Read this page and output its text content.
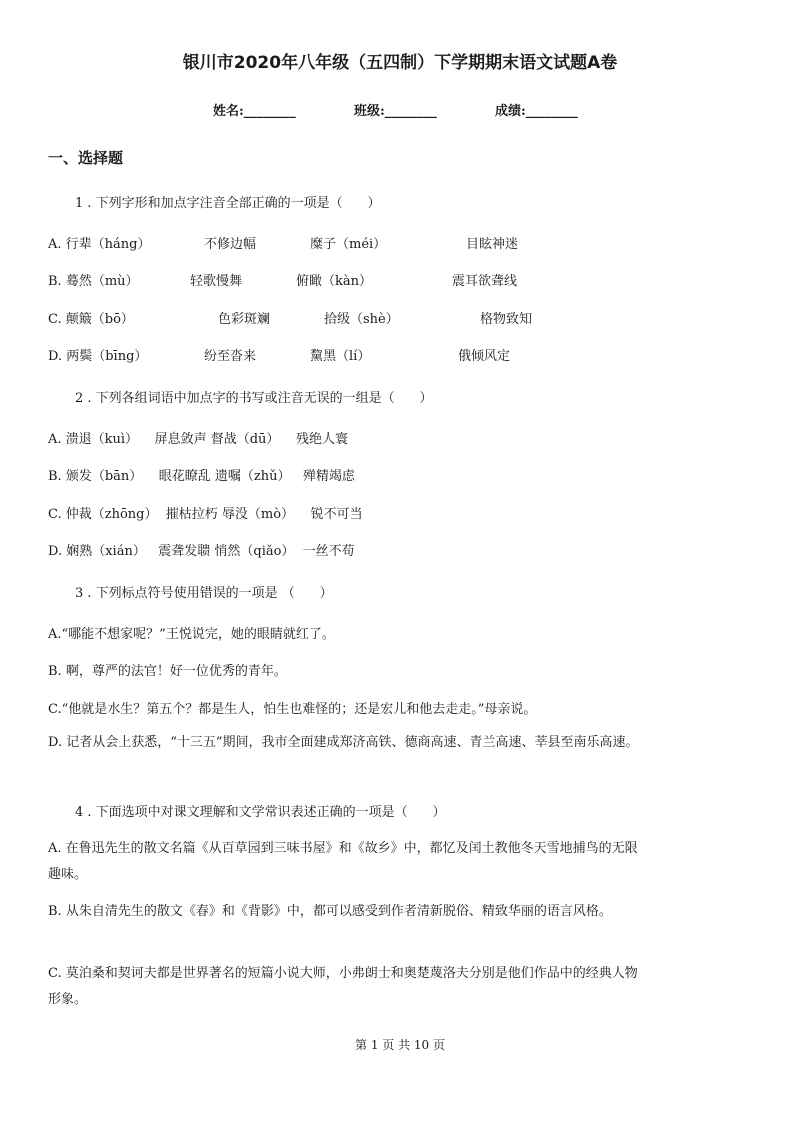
银川市2020年八年级（五四制）下学期期末语文试题A卷
姓名:________	班级:________	成绩:________
一、选择题
1 . 下列字形和加点字注音全部正确的一项是（      ）
A. 行辈（háng）	不修边幅	糜子（méi）	目眩神迷
B. 蓦然（mù）	轻歌慢舞	俯瞰（kàn）	震耳欲聋线
C. 颠簸（bō）	色彩斑斓	拾级（shè）	格物致知
D. 两鬓（bīng）	纷至沓来	黧黑（lí）	俄倾风定
2 . 下列各组词语中加点字的书写或注音无误的一组是（      ）
A. 溃退（kuì）    屏息敛声 督战（dū）    残绝人寰
B. 颁发（bān）    眼花瞭乱 遗嘱（zhǔ）   殚精竭虑
C. 仲裁（zhōng）  摧枯拉朽 辱没（mò）    锐不可当
D. 娴熟（xián）   震聋发聩 悄然（qiǎo）  一丝不苟
3 . 下列标点符号使用错误的一项是 （      ）
A.“哪能不想家呢？”王悦说完，她的眼睛就红了。
B. 啊，尊严的法官！好一位优秀的青年。
C.“他就是水生？第五个？都是生人，怕生也难怪的；还是宏儿和他去走走。”母亲说。
D. 记者从会上获悉，“十三五”期间，我市全面建成郑济高铁、德商高速、青兰高速、莘县至南乐高速。
4 . 下面选项中对课文理解和文学常识表述正确的一项是（      ）
A. 在鲁迅先生的散文名篇《从百草园到三味书屋》和《故乡》中，都忆及闰土教他冬天雪地捕鸟的无限趣味。
B. 从朱自清先生的散文《春》和《背影》中，都可以感受到作者清新脱俗、精致华丽的语言风格。
C. 莫泊桑和契诃夫都是世界著名的短篇小说大师，小弗朗士和奥楚蔑洛夫分别是他们作品中的经典人物形象。
第 1 页 共 10 页
